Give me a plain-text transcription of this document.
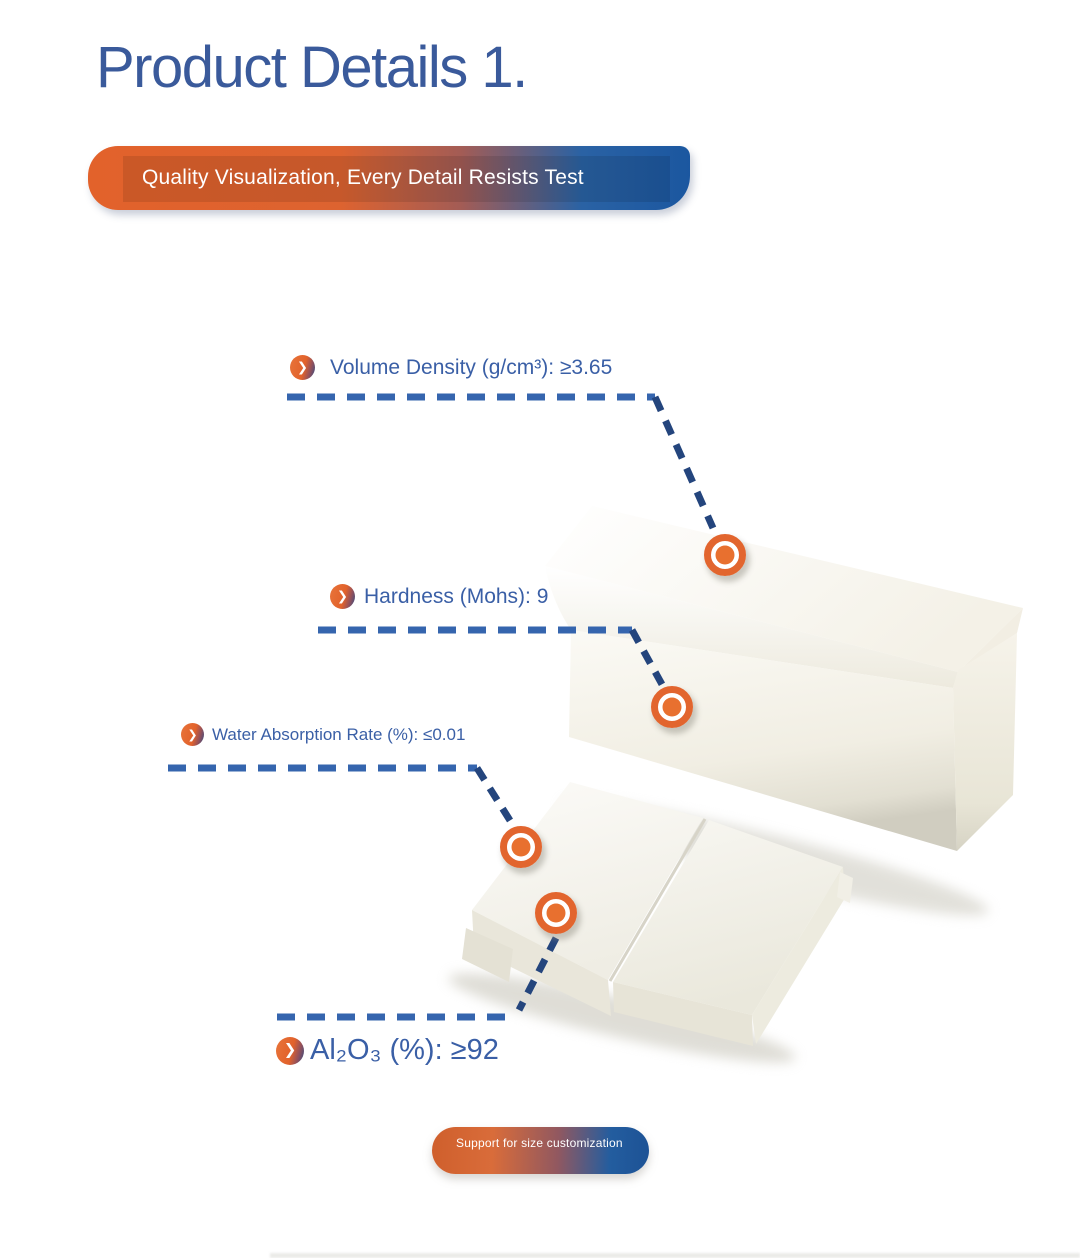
Product Details 1.
Quality Visualization, Every Detail Resists Test
❯ Volume Density (g/cm³): ≥3.65
❯ Hardness (Mohs): 9
❯ Water Absorption Rate (%): ≤0.01
❯ Al₂O₃ (%): ≥92
Support for size customization
